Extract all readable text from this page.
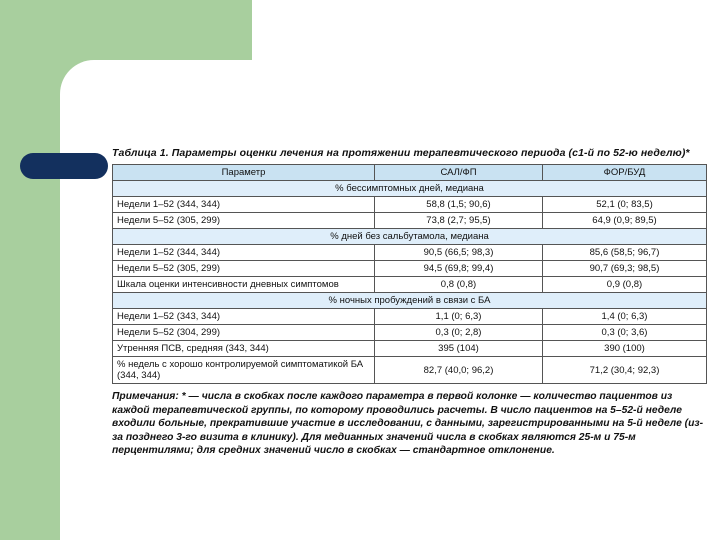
Таблица 1. Параметры оценки лечения на протяжении терапевтического периода (с1-й по 52-ю неделю)*
Параметр	САЛ/ФП	ФОР/БУД
% бессимптомных дней, медиана		
Недели 1–52 (344, 344)	58,8 (1,5; 90,6)	52,1 (0; 83,5)
Недели 5–52 (305, 299)	73,8 (2,7; 95,5)	64,9 (0,9; 89,5)
% дней без сальбутамола, медиана		
Недели 1–52 (344, 344)	90,5 (66,5; 98,3)	85,6 (58,5; 96,7)
Недели 5–52 (305, 299)	94,5 (69,8; 99,4)	90,7 (69,3; 98,5)
Шкала оценки интенсивности дневных симптомов	0,8 (0,8)	0,9 (0,8)
% ночных пробуждений в связи с БА		
Недели 1–52 (343, 344)	1,1 (0; 6,3)	1,4 (0; 6,3)
Недели 5–52 (304, 299)	0,3 (0; 2,8)	0,3 (0; 3,6)
Утренняя ПСВ, средняя (343, 344)	395 (104)	390 (100)
% недель с хорошо контролируемой симптоматикой БА (344, 344)	82,7 (40,0; 96,2)	71,2 (30,4; 92,3)
Примечания: * — числа в скобках после каждого параметра в первой колонке — количество пациентов из каждой терапевтической группы, по которому проводились расчеты. В число пациентов на 5–52-й неделе входили больные, прекратившие участие в исследовании, с данными, зарегистрированными на 5-й неделе (из-за позднего 3-го визита в клинику). Для медианных значений числа в скобках являются 25-м и 75-м перцентилями; для средних значений число в скобках — стандартное отклонение.
